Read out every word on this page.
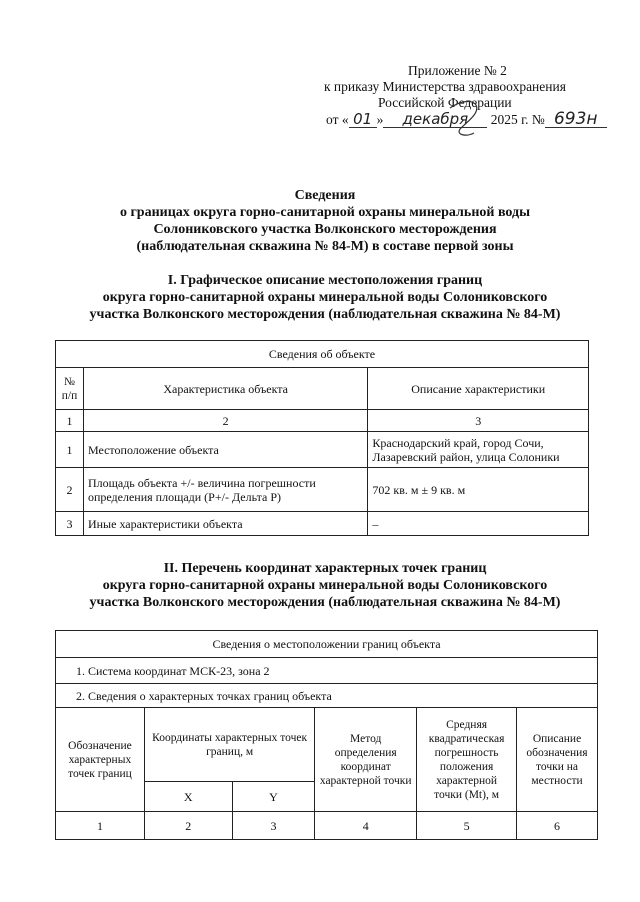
Приложение № 2
к приказу Министерства здравоохранения
Российской Федерации
от « 01 » декабря 2025 г. № 693н
Сведения
о границах округа горно-санитарной охраны минеральной воды
Солониковского участка Волконского месторождения
(наблюдательная скважина № 84-М) в составе первой зоны
I. Графическое описание местоположения границ
округа горно-санитарной охраны минеральной воды Солониковского
участка Волконского месторождения (наблюдательная скважина № 84-М)
Сведения об объекте		
№ п/п	Характеристика объекта	Описание характеристики
1	2	3
1	Местоположение объекта	Краснодарский край, город Сочи, Лазаревский район, улица Солоники
2	Площадь объекта +/- величина погрешности определения площади (Р+/- Дельта Р)	702 кв. м ± 9 кв. м
3	Иные характеристики объекта	–
II. Перечень координат характерных точек границ
округа горно-санитарной охраны минеральной воды Солониковского
участка Волконского месторождения (наблюдательная скважина № 84-М)
Сведения о местоположении границ объекта					
1. Система координат МСК-23, зона 2					
2. Сведения о характерных точках границ объекта					
Обозначение характерных точек границ	Координаты характерных точек границ, м		Метод определения координат характерной точки	Средняя квадратическая погрешность положения характерной точки (Mt), м	Описание обозначения точки на местности
	X	Y			
1	2	3	4	5	6
